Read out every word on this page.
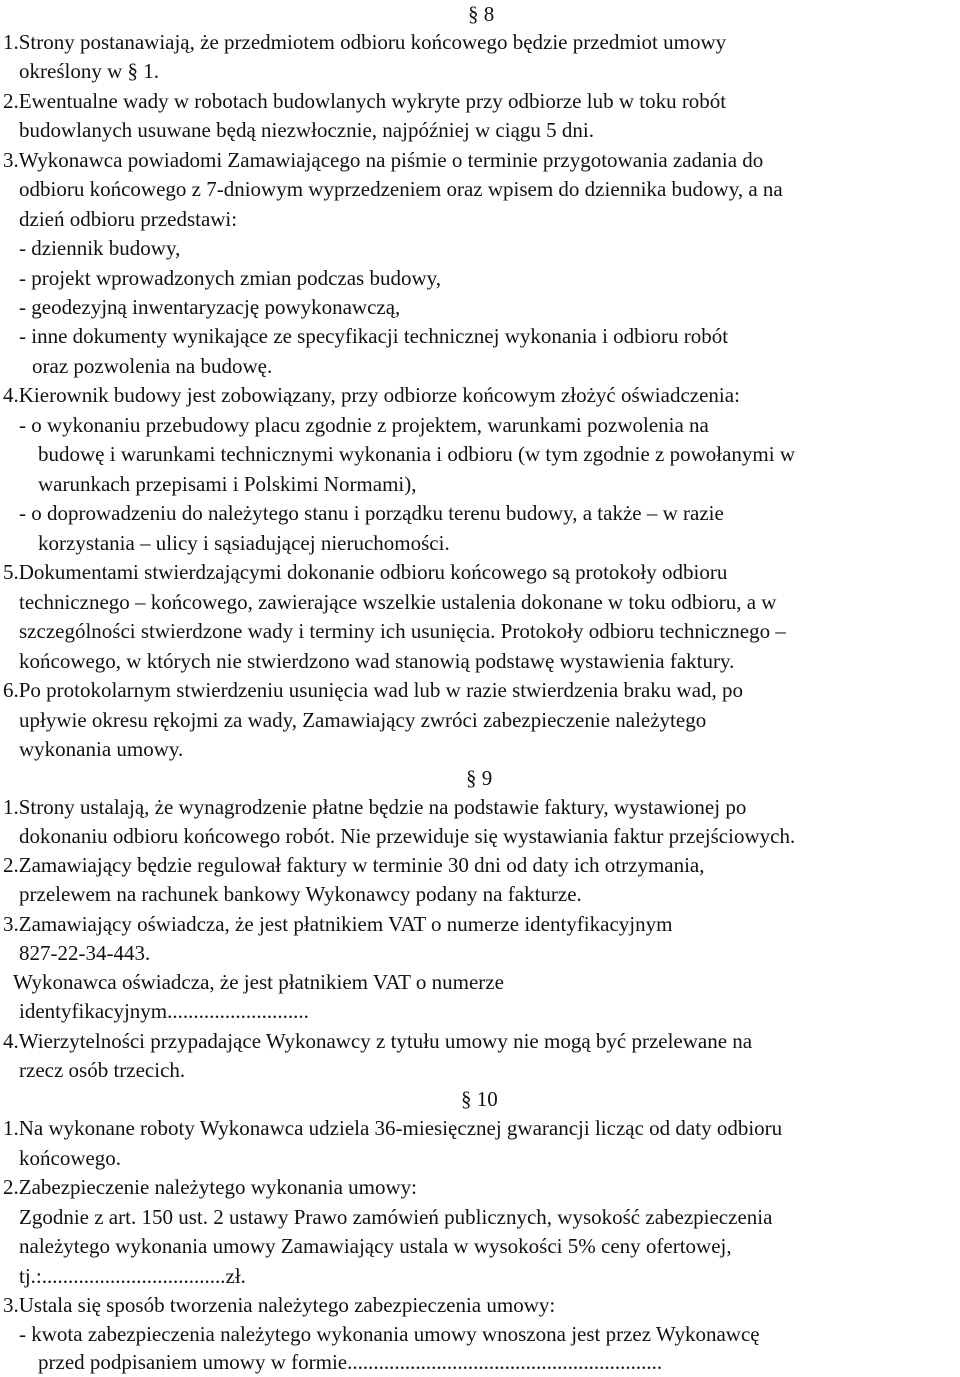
§ 8
1.Strony postanawiają, że przedmiotem odbioru końcowego będzie przedmiot umowy
określony w § 1.
2.Ewentualne wady w robotach budowlanych wykryte przy odbiorze lub w toku robót
budowlanych usuwane będą niezwłocznie, najpóźniej w ciągu 5 dni.
3.Wykonawca powiadomi Zamawiającego na piśmie o terminie przygotowania zadania do
odbioru końcowego z 7-dniowym wyprzedzeniem oraz wpisem do dziennika budowy, a na
dzień odbioru przedstawi:
- dziennik budowy,
- projekt wprowadzonych zmian podczas budowy,
- geodezyjną inwentaryzację powykonawczą,
- inne dokumenty wynikające ze specyfikacji technicznej wykonania i odbioru robót
oraz pozwolenia na budowę.
4.Kierownik budowy jest zobowiązany, przy odbiorze końcowym złożyć oświadczenia:
- o wykonaniu przebudowy placu zgodnie z projektem, warunkami pozwolenia na
budowę i warunkami technicznymi wykonania i odbioru (w tym zgodnie z powołanymi w
warunkach przepisami i Polskimi Normami),
- o doprowadzeniu do należytego stanu i porządku terenu budowy, a także – w razie
korzystania – ulicy i sąsiadującej nieruchomości.
5.Dokumentami stwierdzającymi dokonanie odbioru końcowego są protokoły odbioru
technicznego – końcowego, zawierające wszelkie ustalenia dokonane w toku odbioru, a w
szczególności stwierdzone wady i terminy ich usunięcia. Protokoły odbioru technicznego –
końcowego, w których nie stwierdzono wad stanowią podstawę wystawienia faktury.
6.Po protokolarnym stwierdzeniu usunięcia wad lub w razie stwierdzenia braku wad, po
upływie okresu rękojmi za wady, Zamawiający zwróci zabezpieczenie należytego
wykonania umowy.
§ 9
1.Strony ustalają, że wynagrodzenie płatne będzie na podstawie faktury, wystawionej po
dokonaniu odbioru końcowego robót. Nie przewiduje się wystawiania faktur przejściowych.
2.Zamawiający będzie regulował faktury w terminie 30 dni od daty ich otrzymania,
przelewem na rachunek bankowy Wykonawcy podany na fakturze.
3.Zamawiający oświadcza, że jest płatnikiem VAT o numerze identyfikacyjnym
827-22-34-443.
Wykonawca oświadcza, że jest płatnikiem VAT o numerze
identyfikacyjnym...........................
4.Wierzytelności przypadające Wykonawcy z tytułu umowy nie mogą być przelewane na
rzecz osób trzecich.
§ 10
1.Na wykonane roboty Wykonawca udziela 36-miesięcznej gwarancji licząc od daty odbioru
końcowego.
2.Zabezpieczenie należytego wykonania umowy:
Zgodnie z art. 150 ust. 2 ustawy Prawo zamówień publicznych, wysokość zabezpieczenia
należytego wykonania umowy Zamawiający ustala w wysokości 5% ceny ofertowej,
tj.:...................................zł.
3.Ustala się sposób tworzenia należytego zabezpieczenia umowy:
- kwota zabezpieczenia należytego wykonania umowy wnoszona jest przez Wykonawcę
przed podpisaniem umowy w formie............................................................
